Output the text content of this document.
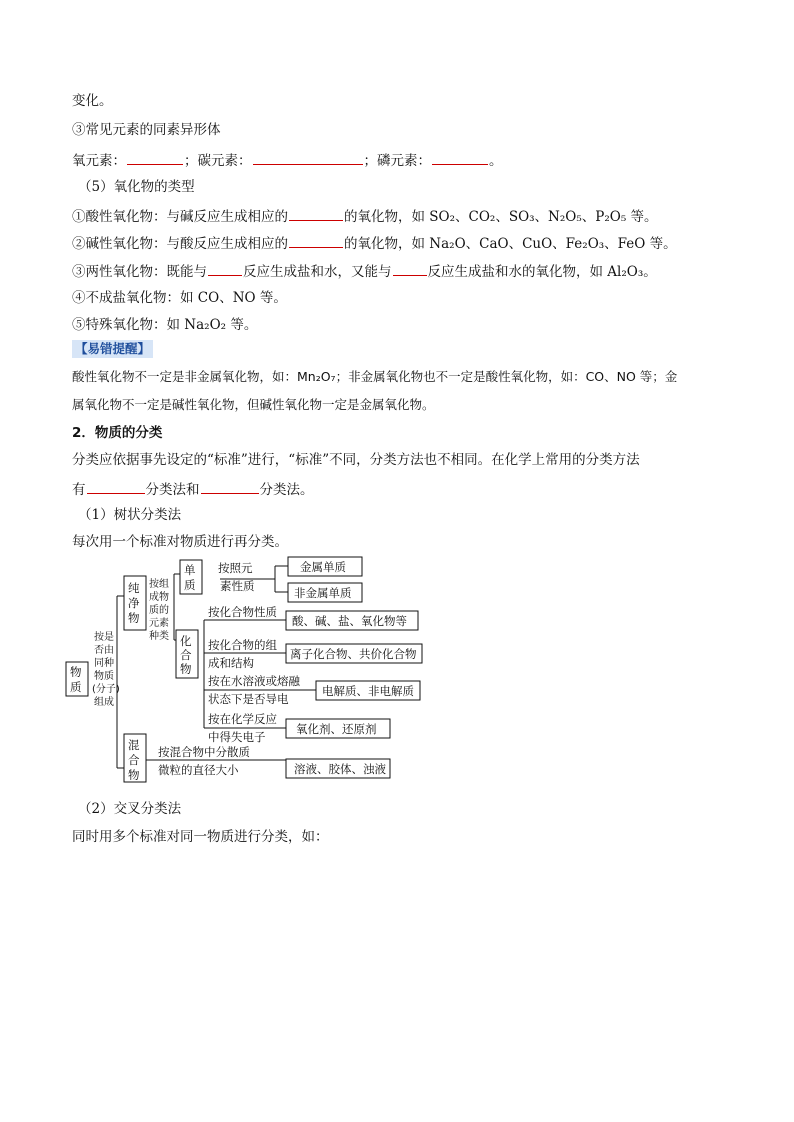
变化。
③常见元素的同素异形体
氧元素：	；碳元素：	；磷元素：	。
（5）氧化物的类型
①酸性氧化物：与碱反应生成相应的	的氧化物，如 SO₂、CO₂、SO₃、N₂O₅、P₂O₅ 等。
②碱性氧化物：与酸反应生成相应的	的氧化物，如 Na₂O、CaO、CuO、Fe₂O₃、FeO 等。
③两性氧化物：既能与	反应生成盐和水，又能与	反应生成盐和水的氧化物，如 Al₂O₃。
④不成盐氧化物：如 CO、NO 等。
⑤特殊氧化物：如 Na₂O₂ 等。
【易错提醒】
酸性氧化物不一定是非金属氧化物，如：Mn₂O₇；非金属氧化物也不一定是酸性氧化物，如：CO、NO 等；金
属氧化物不一定是碱性氧化物，但碱性氧化物一定是金属氧化物。
2．物质的分类
分类应依据事先设定的“标准”进行，“标准”不同，分类方法也不相同。在化学上常用的分类方法
有	分类法和	分类法。
（1）树状分类法
每次用一个标准对物质进行再分类。
物
质
按是
否由
同种
物质
(分子)
组成
纯
净
物
按组
成物
质的
元素
种类
单
质
按照元
素性质
金属单质
非金属单质
化
合
物
按化合物性质
酸、碱、盐、氧化物等
按化合物的组
成和结构
离子化合物、共价化合物
按在水溶液或熔融
状态下是否导电
电解质、非电解质
按在化学反应
中得失电子
氧化剂、还原剂
混
合
物
按混合物中分散质
微粒的直径大小	溶液、胶体、浊液
（2）交叉分类法
同时用多个标准对同一物质进行分类，如：
